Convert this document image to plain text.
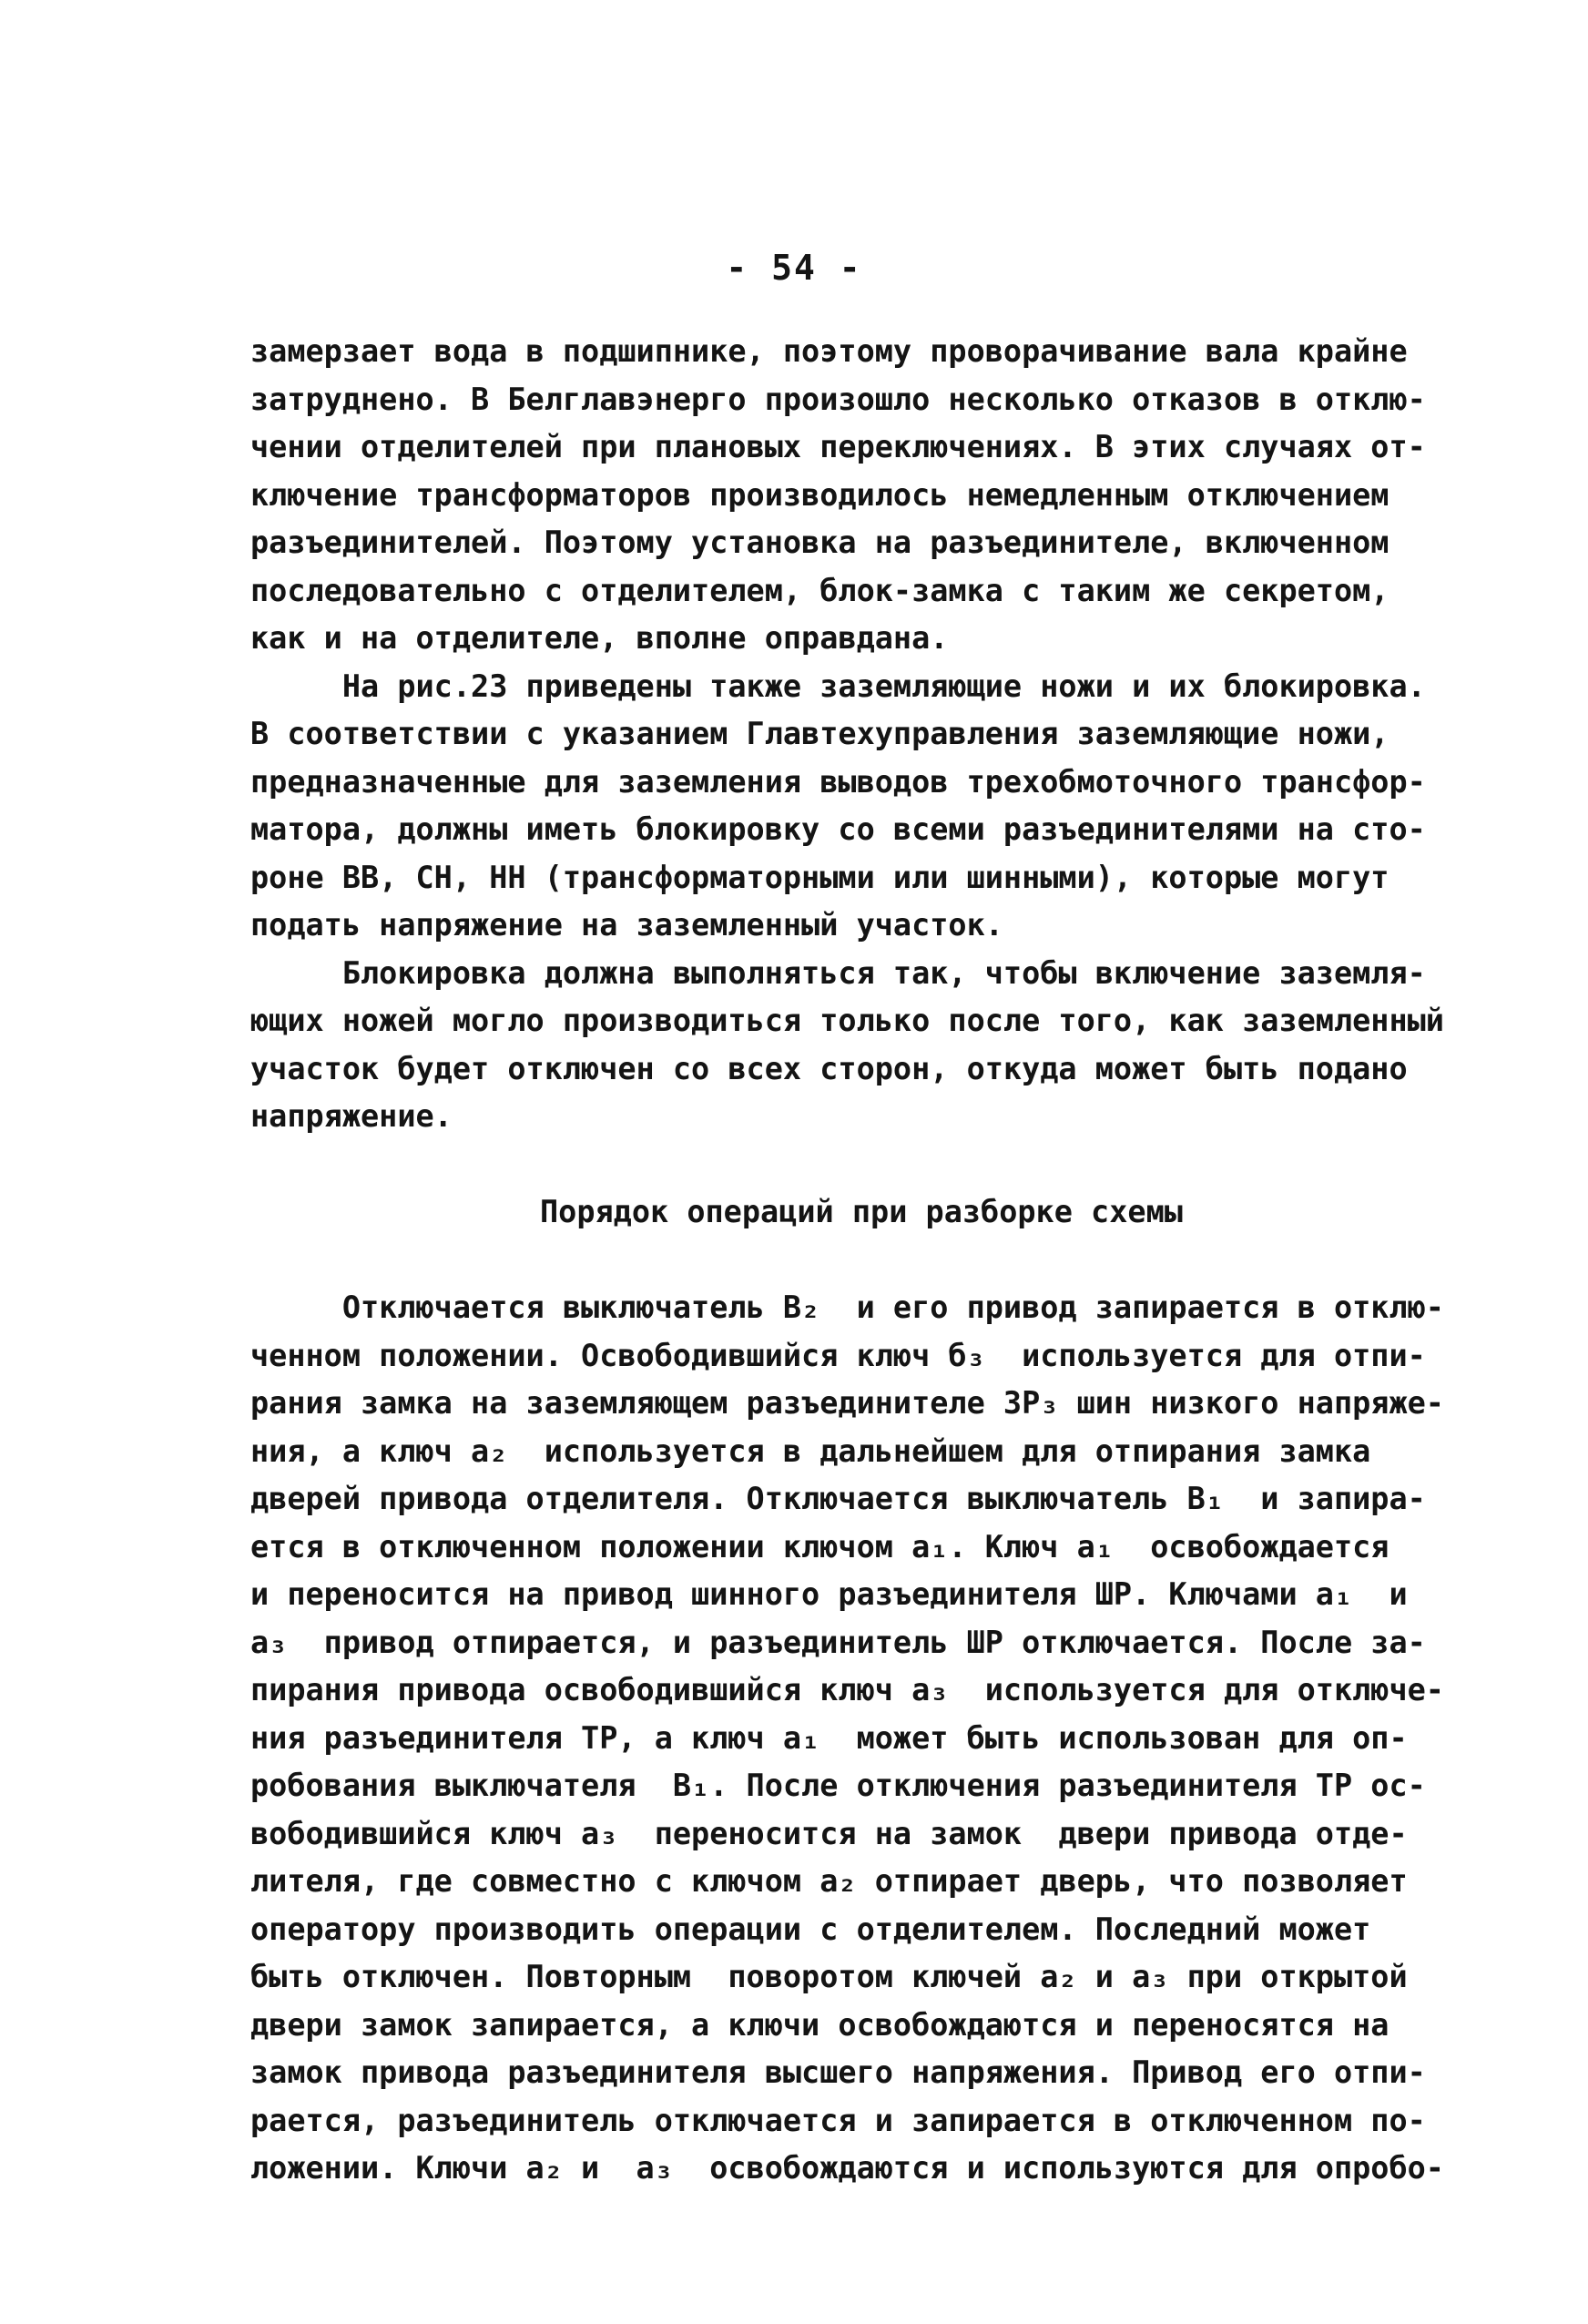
- 54 -
замерзает вода в подшипнике, поэтому проворачивание вала крайне
затруднено. В Белглавэнерго произошло несколько отказов в отклю-
чении отделителей при плановых переключениях. В этих случаях от-
ключение трансформаторов производилось немедленным отключением
разъединителей. Поэтому установка на разъединителе, включенном
последовательно с отделителем, блок-замка с таким же секретом,
как и на отделителе, вполне оправдана.
На рис.23 приведены также заземляющие ножи и их блокировка.
В соответствии с указанием Главтехуправления заземляющие ножи,
предназначенные для заземления выводов трехобмоточного трансфор-
матора, должны иметь блокировку со всеми разъединителями на сто-
роне ВВ, СН, НН (трансформаторными или шинными), которые могут
подать напряжение на заземленный участок.
Блокировка должна выполняться так, чтобы включение заземля-
ющих ножей могло производиться только после того, как заземленный
участок будет отключен со всех сторон, откуда может быть подано
напряжение.
Порядок операций при разборке схемы
Отключается выключатель В₂  и его привод запирается в отклю-
ченном положении. Освободившийся ключ б₃  используется для отпи-
рания замка на заземляющем разъединителе ЗР₃ шин низкого напряже-
ния, а ключ а₂  используется в дальнейшем для отпирания замка
дверей привода отделителя. Отключается выключатель В₁  и запира-
ется в отключенном положении ключом а₁. Ключ а₁  освобождается
и переносится на привод шинного разъединителя ШР. Ключами а₁  и
а₃  привод отпирается, и разъединитель ШР отключается. После за-
пирания привода освободившийся ключ а₃  используется для отключе-
ния разъединителя ТР, а ключ а₁  может быть использован для оп-
робования выключателя  В₁. После отключения разъединителя ТР ос-
вободившийся ключ а₃  переносится на замок  двери привода отде-
лителя, где совместно с ключом а₂ отпирает дверь, что позволяет
оператору производить операции с отделителем. Последний может
быть отключен. Повторным  поворотом ключей а₂ и а₃ при открытой
двери замок запирается, а ключи освобождаются и переносятся на
замок привода разъединителя высшего напряжения. Привод его отпи-
рается, разъединитель отключается и запирается в отключенном по-
ложении. Ключи а₂ и  а₃  освобождаются и используются для опробо-
